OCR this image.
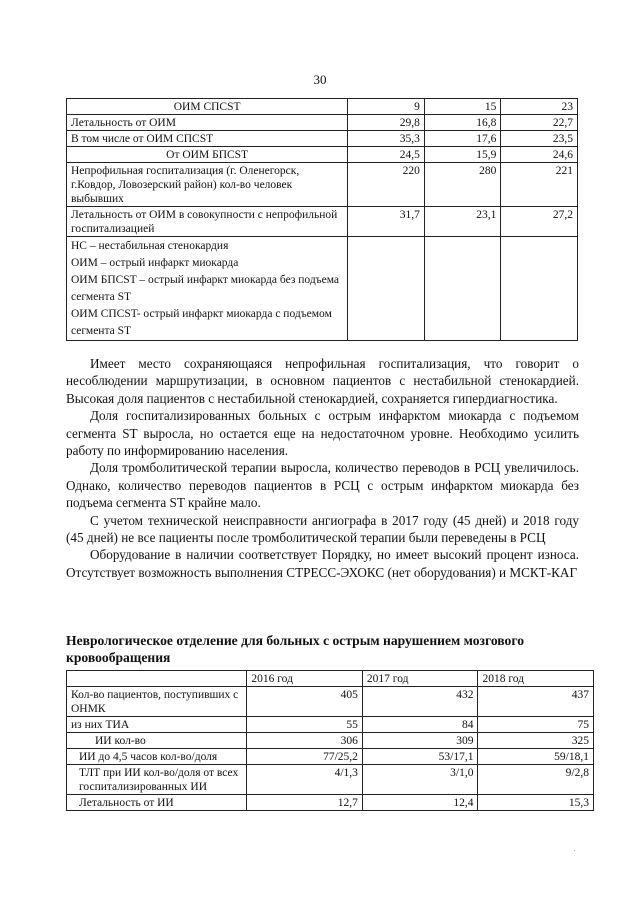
30
ОИМ СПСST	9	15	23
Летальность от ОИМ	29,8	16,8	22,7
В том числе от ОИМ СПСST	35,3	17,6	23,5
От ОИМ БПСST	24,5	15,9	24,6
Непрофильная госпитализация (г. Оленегорск, г.Ковдор, Ловозерский район) кол-во человек выбывших	220	280	221
Летальность от ОИМ в совокупности с непрофильной госпитализацией	31,7	23,1	27,2

НС – нестабильная стенокардия
ОИМ – острый инфаркт миокарда
ОИМ БПСST – острый инфаркт миокарда без подъема сегмента ST
ОИМ СПСST- острый инфаркт миокарда с подъемом сегмента ST			

Имеет место сохраняющаяся непрофильная госпитализация, что говорит о несоблюдении маршрутизации, в основном пациентов с нестабильной стенокардией. Высокая доля пациентов с нестабильной стенокардией, сохраняется гипердиагностика.

Доля госпитализированных больных с острым инфарктом миокарда с подъемом сегмента ST выросла, но остается еще на недостаточном уровне. Необходимо усилить работу по информированию населения.

Доля тромболитической терапии выросла, количество переводов в РСЦ увеличилось. Однако, количество переводов пациентов в РСЦ с острым инфарктом миокарда без подъема сегмента ST крайне мало.

С учетом технической неисправности ангиографа в 2017 году (45 дней) и 2018 году (45 дней) не все пациенты после тромболитической терапии были переведены в РСЦ

Оборудование в наличии соответствует Порядку, но имеет высокий процент износа. Отсутствует возможность выполнения СТРЕСС-ЭХОКС (нет оборудования) и МСКТ-КАГ

Неврологическое отделение для больных с острым нарушением мозгового кровообращения
	2016 год	2017 год	2018 год
Кол-во пациентов, поступивших с ОНМК	405	432	437
из них ТИА	55	84	75
ИИ кол-во	306	309	325
ИИ до 4,5 часов кол-во/доля	77/25,2	53/17,1	59/18,1
ТЛТ при ИИ кол-во/доля от всех госпитализированных ИИ	4/1,3	3/1,0	9/2,8
Летальность от ИИ	12,7	12,4	15,3
